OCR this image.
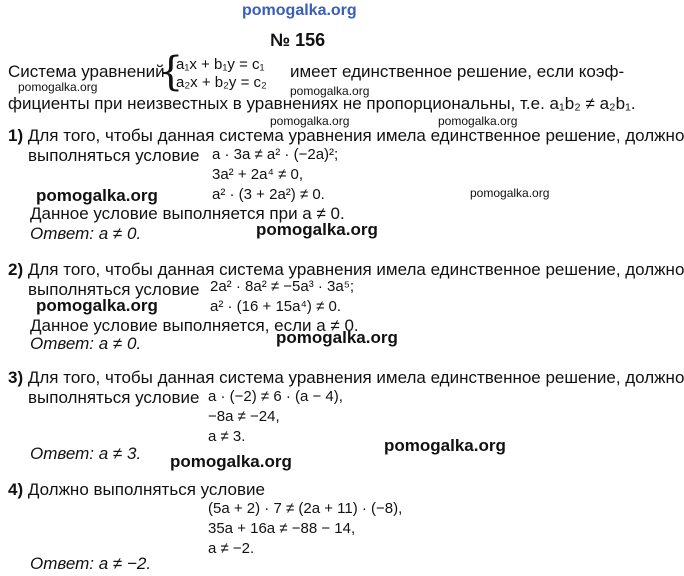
pomogalka.org
№ 156
Система уравнений
{
a₁x + b₁y = c₁
a₂x + b₂y = c₂
имеет единственное решение, если коэф-
pomogalka.org	pomogalka.org
фициенты при неизвестных в уравнениях не пропорциональны, т.е. a₁b₂ ≠ a₂b₁.
pomogalka.org	pomogalka.org
1) Для того, чтобы данная система уравнения имела единственное решение, должно
выполняться условие a · 3a ≠ a² · (−2a)²;
3a² + 2a⁴ ≠ 0,
a² · (3 + 2a²) ≠ 0.
pomogalka.org	pomogalka.org
Данное условие выполняется при a ≠ 0.
pomogalka.org
Ответ: a ≠ 0.
2) Для того, чтобы данная система уравнения имела единственное решение, должно
выполняться условие 2a² · 8a² ≠ −5a³ · 3a⁵;
pomogalka.org	a² · (16 + 15a⁴) ≠ 0.
Данное условие выполняется, если a ≠ 0.
pomogalka.org
Ответ: a ≠ 0.
3) Для того, чтобы данная система уравнения имела единственное решение, должно
выполняться условие a · (−2) ≠ 6 · (a − 4),
−8a ≠ −24,
a ≠ 3.	pomogalka.org
Ответ: a ≠ 3. pomogalka.org
4) Должно выполняться условие
(5a + 2) · 7 ≠ (2a + 11) · (−8),
35a + 16a ≠ −88 − 14,
a ≠ −2.
Ответ: a ≠ −2.
